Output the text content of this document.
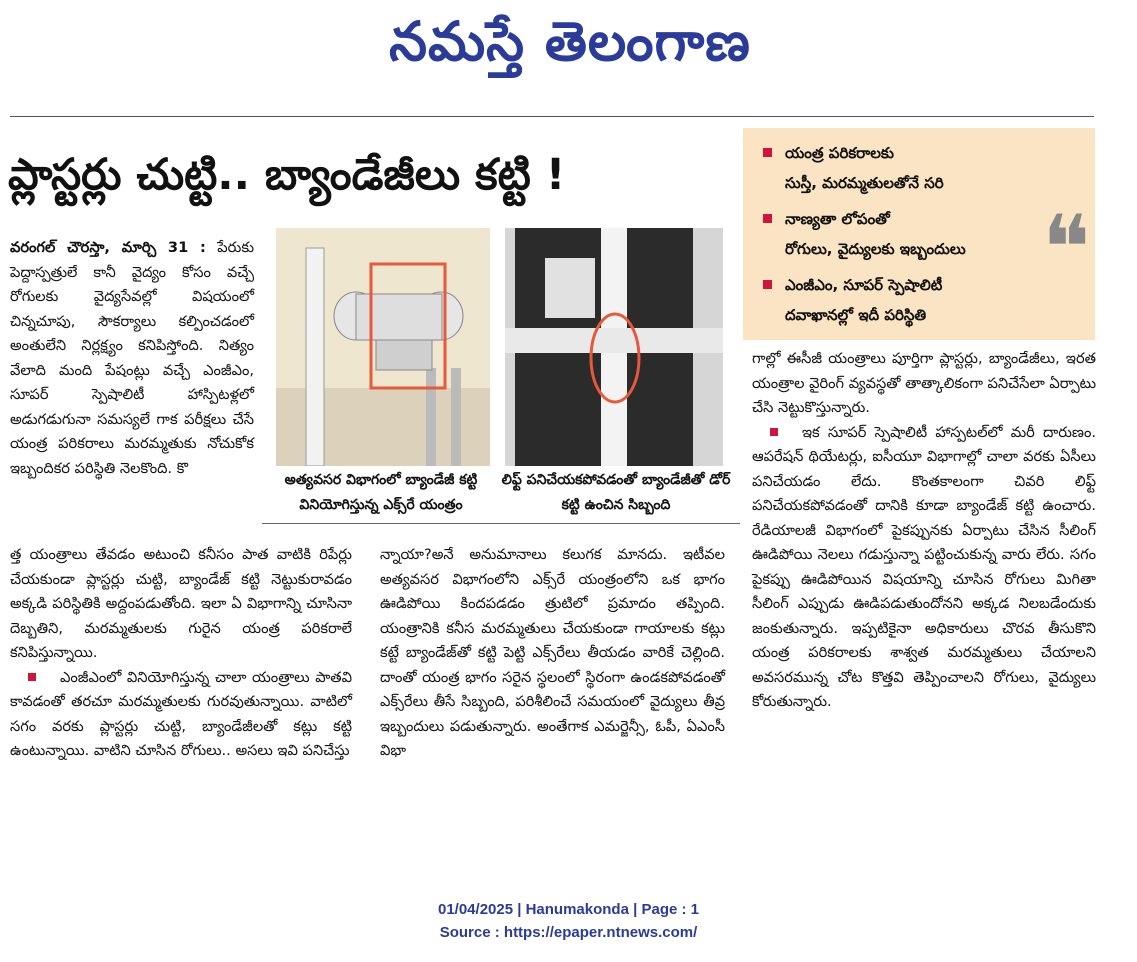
నమస్తే తెలంగాణ
ప్లాస్టర్లు చుట్టి.. బ్యాండేజీలు కట్టి !

వరంగల్ చౌరస్తా, మార్చి 31 : పేరుకు పెద్దాస్పత్రులే కానీ వైద్యం కోసం వచ్చే రోగులకు వైద్యసేవల్లో విషయంలో చిన్నచూపు, సౌకర్యాలు కల్పించడంలో అంతులేని నిర్లక్ష్యం కనిపిస్తోంది. నిత్యం వేలాది మంది పేషంట్లు వచ్చే ఎంజీఎం, సూపర్ స్పెషాలిటీ హాస్పిటళ్లలో అడుగడుగునా సమస్యలే గాక పరీక్షలు చేసే యంత్ర పరికరాలు మరమ్మతుకు నోచుకోక ఇబ్బందికర పరిస్థితి నెలకొంది. కొ

అత్యవసర విభాగంలో బ్యాండేజీ కట్టి వినియోగిస్తున్న ఎక్స్‌రే యంత్రం
లిఫ్ట్ పనిచేయకపోవడంతో బ్యాండేజీతో డోర్ కట్టి ఉంచిన సిబ్బంది
యంత్ర పరికరాలకు
సుస్తీ, మరమ్మతులతోనే సరి
నాణ్యతా లోపంతో
రోగులు, వైద్యులకు ఇబ్బందులు
ఎంజీఎం, సూపర్ స్పెషాలిటీ
దవాఖానల్లో ఇదీ పరిస్థితి
❝

త్త యంత్రాలు తేవడం అటుంచి కనీసం పాత వాటికి రిపేర్లు చేయకుండా ప్లాస్టర్లు చుట్టి, బ్యాండేజ్ కట్టి నెట్టుకురావడం అక్కడి పరిస్థితికి అద్దంపడుతోంది. ఇలా ఏ విభాగాన్ని చూసినా దెబ్బతిని, మరమ్మతులకు గురైన యంత్ర పరికరాలే కనిపిస్తున్నాయి.

ఎంజీఎంలో వినియోగిస్తున్న చాలా యంత్రాలు పాతవి కావడంతో తరచూ మరమ్మతులకు గురవుతున్నాయి. వాటిలో సగం వరకు ప్లాస్టర్లు చుట్టి, బ్యాండేజీలతో కట్లు కట్టి ఉంటున్నాయి. వాటిని చూసిన రోగులు.. అసలు ఇవి పనిచేస్తు

న్నాయా?అనే అనుమానాలు కలుగక మానదు. ఇటీవల అత్యవసర విభాగంలోని ఎక్స్‌రే యంత్రంలోని ఒక భాగం ఊడిపోయి కిందపడడం త్రుటిలో ప్రమాదం తప్పింది. యంత్రానికి కనీస మరమ్మతులు చేయకుండా గాయాలకు కట్లు కట్టే బ్యాండేజ్‌తో కట్టి పెట్టి ఎక్స్‌రేలు తీయడం వారికే చెల్లింది. దాంతో యంత్ర భాగం సరైన స్థలంలో స్థిరంగా ఉండకపోవడంతో ఎక్స్‌రేలు తీసే సిబ్బంది, పరిశీలించే సమయంలో వైద్యులు తీవ్ర ఇబ్బందులు పడుతున్నారు. అంతేగాక ఎమర్జెన్సీ, ఓపీ, ఏఎంసీ విభా

గాల్లో ఈసీజీ యంత్రాలు పూర్తిగా ప్లాస్టర్లు, బ్యాండేజీలు, ఇరత యంత్రాల వైరింగ్ వ్యవస్థతో తాత్కాలికంగా పనిచేసేలా ఏర్పాటు చేసి నెట్టుకొస్తున్నారు.

ఇక సూపర్ స్పెషాలిటీ హాస్పటల్‌లో మరీ దారుణం. ఆపరేషన్ థియేటర్లు, ఐసీయూ విభాగాల్లో చాలా వరకు ఏసీలు పనిచేయడం లేదు. కొంతకాలంగా చివరి లిఫ్ట్ పనిచేయకపోవడంతో దానికి కూడా బ్యాండేజ్ కట్టి ఉంచారు. రేడియాలజీ విభాగంలో పైకప్పునకు ఏర్పాటు చేసిన సీలింగ్ ఊడిపోయి నెలలు గడుస్తున్నా పట్టించుకున్న వారు లేరు. సగం పైకప్పు ఊడిపోయిన విషయాన్ని చూసిన రోగులు మిగితా సీలింగ్ ఎప్పుడు ఊడిపడుతుందోనని అక్కడ నిలబడేందుకు జంకుతున్నారు. ఇప్పటికైనా అధికారులు చొరవ తీసుకొని యంత్ర పరికరాలకు శాశ్వత మరమ్మతులు చేయాలని అవసరమున్న చోట కొత్తవి తెప్పించాలని రోగులు, వైద్యులు కోరుతున్నారు.

01/04/2025 | Hanumakonda | Page : 1
Source : https://epaper.ntnews.com/
